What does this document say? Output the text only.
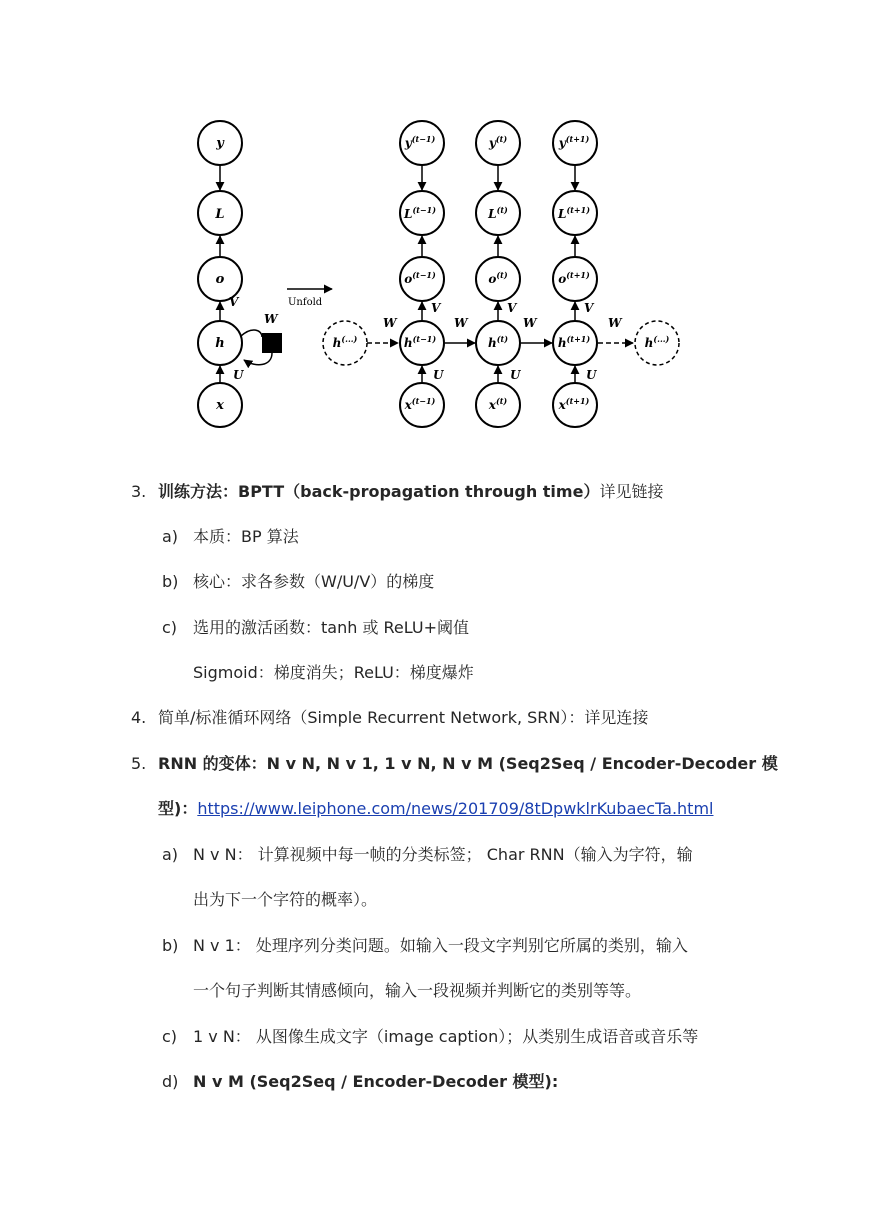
y
L
o
h
x
V
U
W
Unfold
h(...)	h(...)
W	W	W	W
$y^{(t-1)}$
$L^{(t-1)}$
$o^{(t-1)}$
$h^{(t-1)}$
$x^{(t-1)}$
V
U
$y^{(t)}$
$L^{(t)}$
$o^{(t)}$
$h^{(t)}$
$x^{(t)}$
V
U
$y^{(t+1)}$
$L^{(t+1)}$
$o^{(t+1)}$
$h^{(t+1)}$
$x^{(t+1)}$
V
U
3. 训练方法：BPTT（back-propagation through time）详见链接
a) 本质：BP 算法
b) 核心：求各参数（W/U/V）的梯度
c) 选用的激活函数：tanh 或 ReLU+阈值
Sigmoid：梯度消失；ReLU：梯度爆炸
4. 简单/标准循环网络（Simple Recurrent Network, SRN）：详见连接
5. RNN 的变体：N v N, N v 1, 1 v N, N v M (Seq2Seq / Encoder-Decoder 模
型)：https://www.leiphone.com/news/201709/8tDpwklrKubaecTa.html
a) N v N： 计算视频中每一帧的分类标签； Char RNN（输入为字符，输
出为下一个字符的概率）。
b) N v 1： 处理序列分类问题。如输入一段文字判别它所属的类别，输入
一个句子判断其情感倾向，输入一段视频并判断它的类别等等。
c) 1 v N： 从图像生成文字（image caption）；从类别生成语音或音乐等
d) N v M (Seq2Seq / Encoder-Decoder 模型):
